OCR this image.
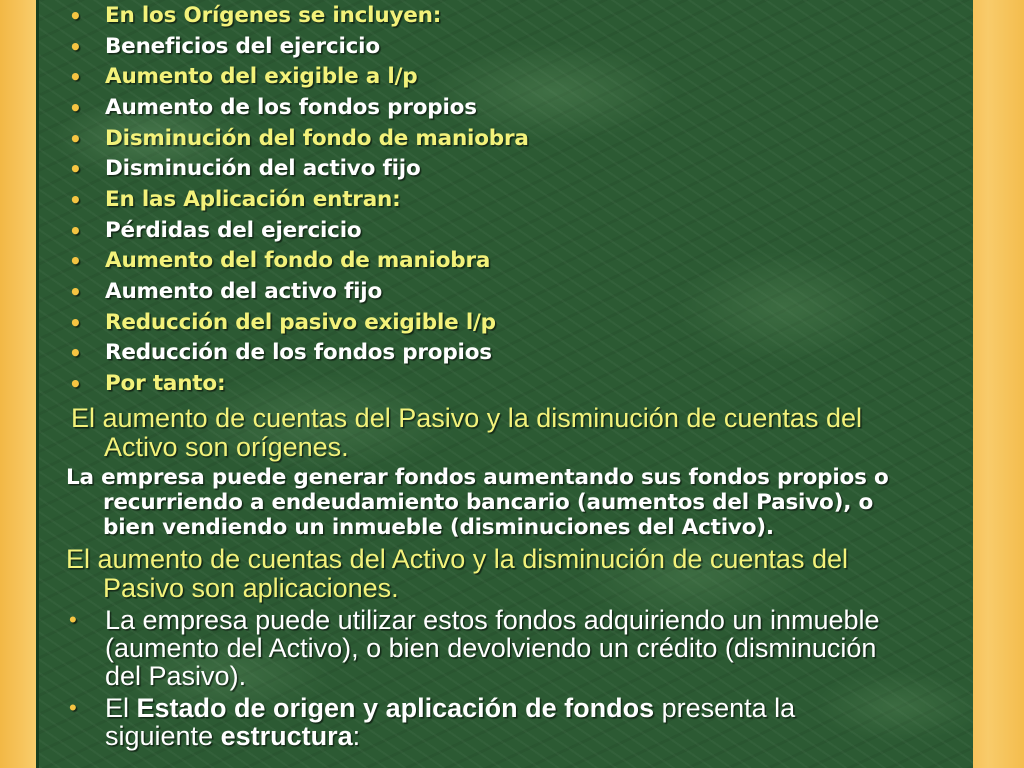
• En los Orígenes se incluyen:
• Beneficios del ejercicio
• Aumento del exigible a l/p
• Aumento de los fondos propios
• Disminución del fondo de maniobra
• Disminución del activo fijo
• En las Aplicación entran:
• Pérdidas del ejercicio
• Aumento del fondo de maniobra
• Aumento del activo fijo
• Reducción del pasivo exigible l/p
• Reducción de los fondos propios
• Por tanto:
El aumento de cuentas del Pasivo y la disminución de cuentas del
Activo son orígenes.
La empresa puede generar fondos aumentando sus fondos propios o
recurriendo a endeudamiento bancario (aumentos del Pasivo), o
bien vendiendo un inmueble (disminuciones del Activo).
El aumento de cuentas del Activo y la disminución de cuentas del
Pasivo son aplicaciones.
•	La empresa puede utilizar estos fondos adquiriendo un inmueble
(aumento del Activo), o bien devolviendo un crédito (disminución
del Pasivo).
•	El Estado de origen y aplicación de fondos presenta la
siguiente estructura:
